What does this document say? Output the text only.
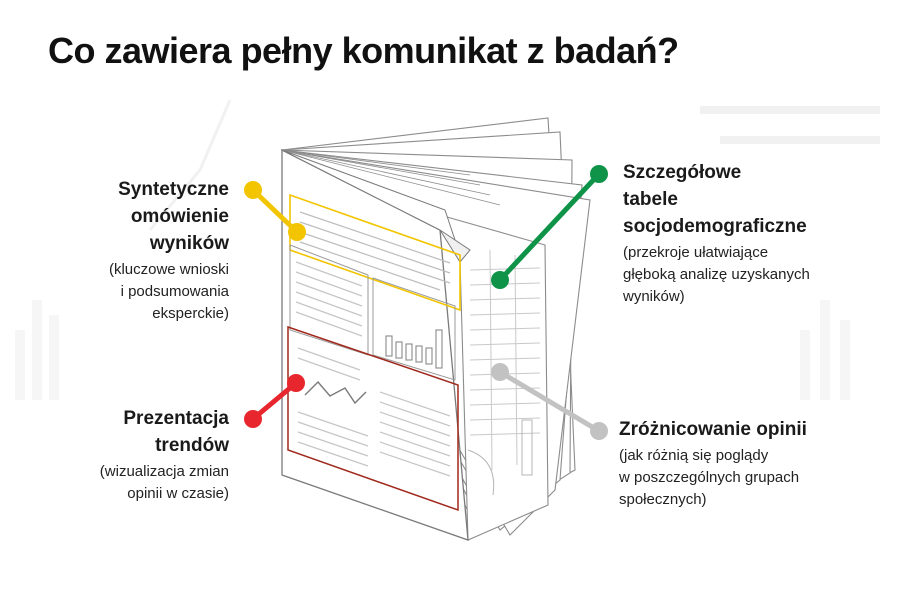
Co zawiera pełny komunikat z badań?
Syntetyczne
omówienie
wyników
(kluczowe wnioski
i podsumowania
eksperckie)
Prezentacja
trendów
(wizualizacja zmian
opinii w czasie)
Szczegółowe
tabele
socjodemograficzne
(przekroje ułatwiające
głęboką analizę uzyskanych
wyników)
Zróżnicowanie opinii
(jak różnią się poglądy
w poszczególnych grupach
społecznych)
